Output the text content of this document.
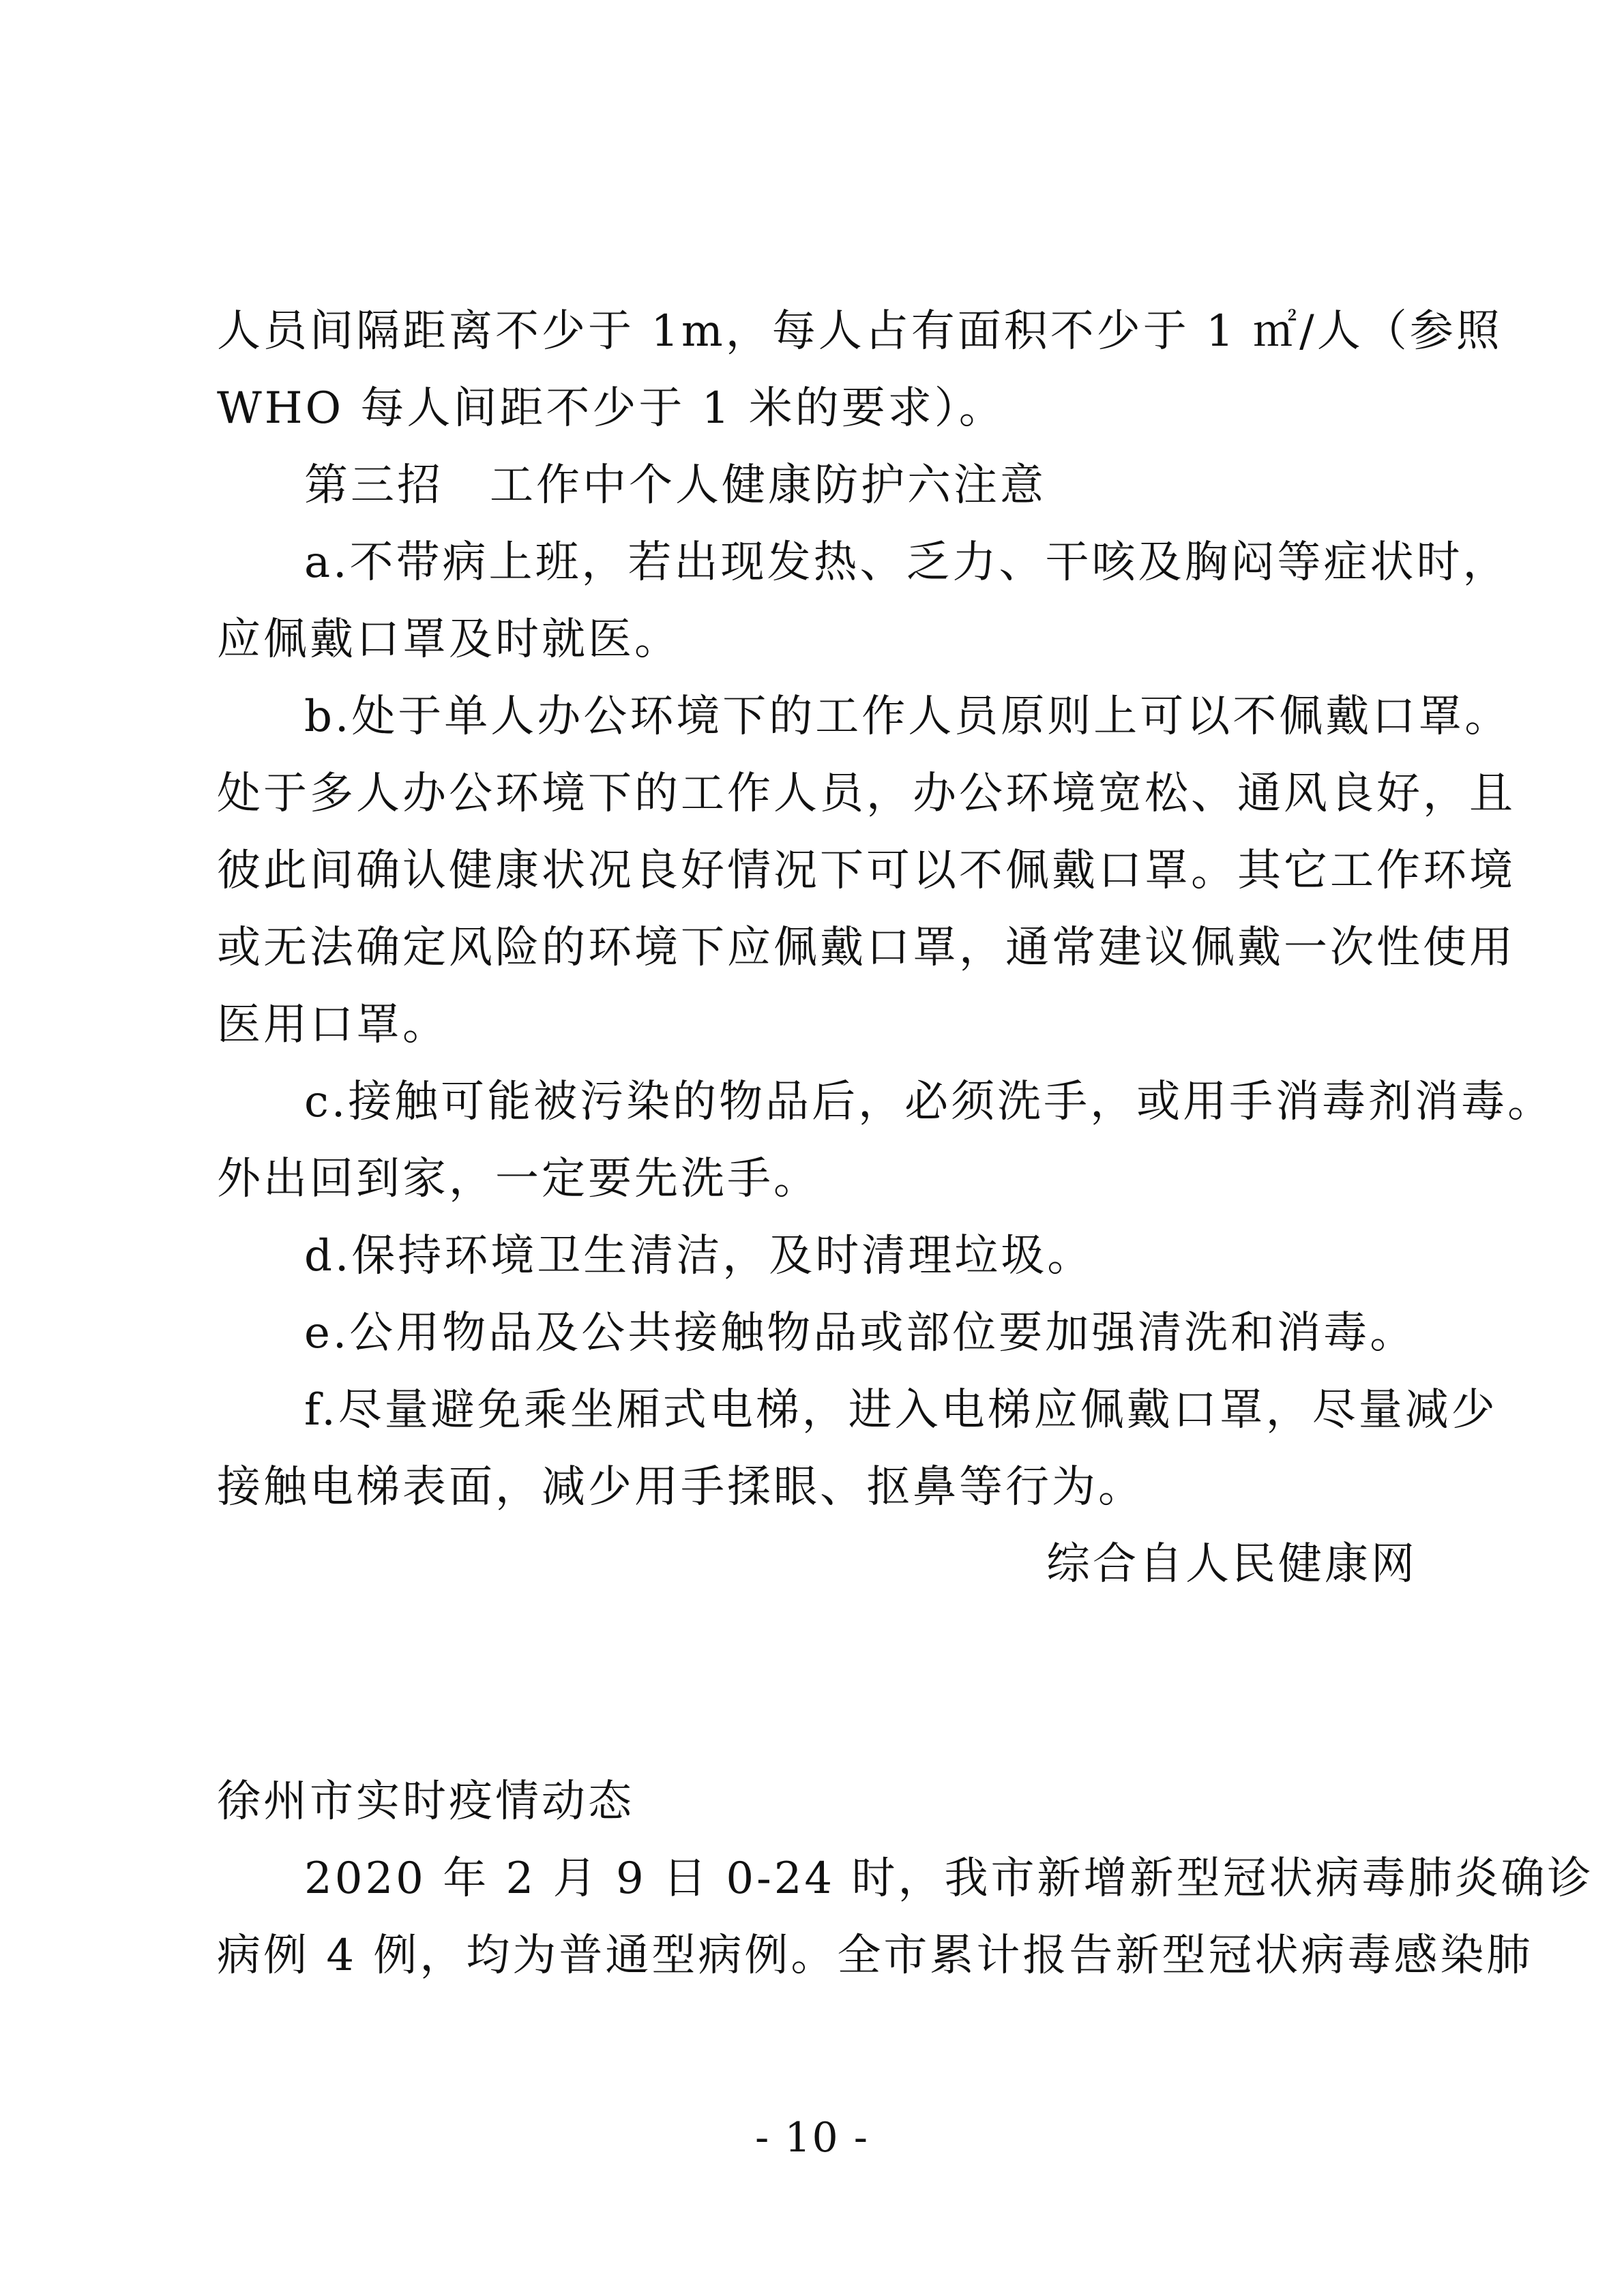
人员间隔距离不少于 1m，每人占有面积不少于 1 ㎡/人（参照
WHO 每人间距不少于 1 米的要求）。
第三招　工作中个人健康防护六注意
a.不带病上班，若出现发热、乏力、干咳及胸闷等症状时，
应佩戴口罩及时就医。
b.处于单人办公环境下的工作人员原则上可以不佩戴口罩。
处于多人办公环境下的工作人员，办公环境宽松、通风良好，且
彼此间确认健康状况良好情况下可以不佩戴口罩。其它工作环境
或无法确定风险的环境下应佩戴口罩，通常建议佩戴一次性使用
医用口罩。
c.接触可能被污染的物品后，必须洗手，或用手消毒剂消毒。
外出回到家，一定要先洗手。
d.保持环境卫生清洁，及时清理垃圾。
e.公用物品及公共接触物品或部位要加强清洗和消毒。
f.尽量避免乘坐厢式电梯，进入电梯应佩戴口罩，尽量减少
接触电梯表面，减少用手揉眼、抠鼻等行为。
综合自人民健康网
徐州市实时疫情动态
2020 年 2 月 9 日 0-24 时，我市新增新型冠状病毒肺炎确诊
病例 4 例，均为普通型病例。全市累计报告新型冠状病毒感染肺
- 10 -
